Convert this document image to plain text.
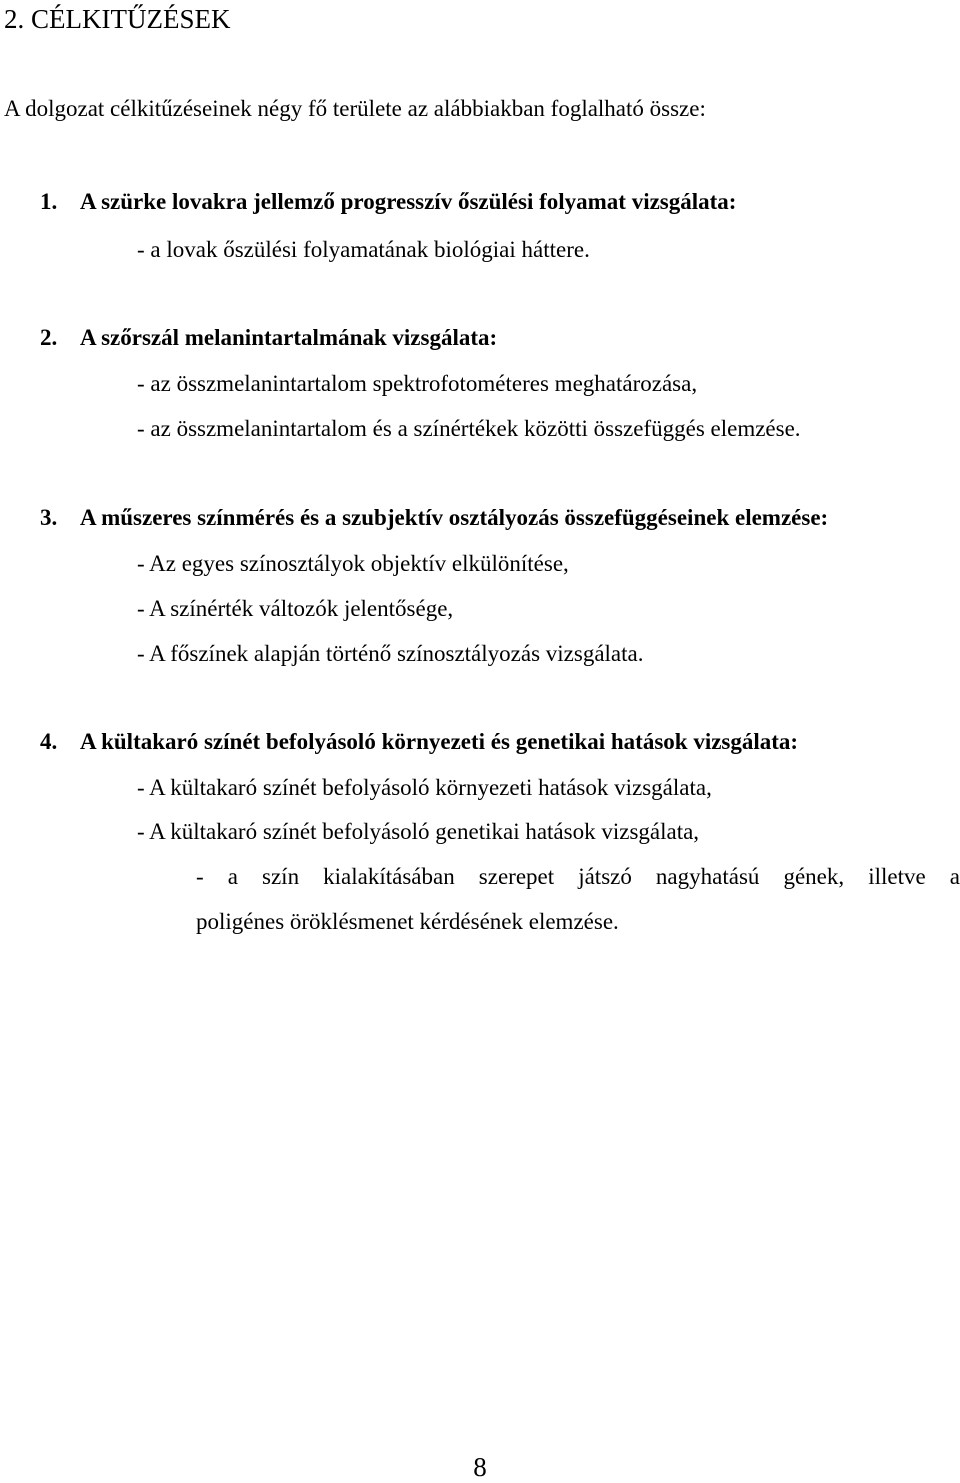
2. CÉLKITŰZÉSEK
A dolgozat célkitűzéseinek négy fő területe az alábbiakban foglalható össze:
1. A szürke lovakra jellemző progresszív őszülési folyamat vizsgálata:
- a lovak őszülési folyamatának biológiai háttere.
2. A szőrszál melanintartalmának vizsgálata:
- az összmelanintartalom spektrofotométeres meghatározása,
- az összmelanintartalom és a színértékek közötti összefüggés elemzése.
3. A műszeres színmérés és a szubjektív osztályozás összefüggéseinek elemzése:
- Az egyes színosztályok objektív elkülönítése,
- A színérték változók jelentősége,
- A főszínek alapján történő színosztályozás vizsgálata.
4. A kültakaró színét befolyásoló környezeti és genetikai hatások vizsgálata:
- A kültakaró színét befolyásoló környezeti hatások vizsgálata,
- A kültakaró színét befolyásoló genetikai hatások vizsgálata,
- a szín kialakításában szerepet játszó nagyhatású gének, illetve a
poligénes öröklésmenet kérdésének elemzése.
8
